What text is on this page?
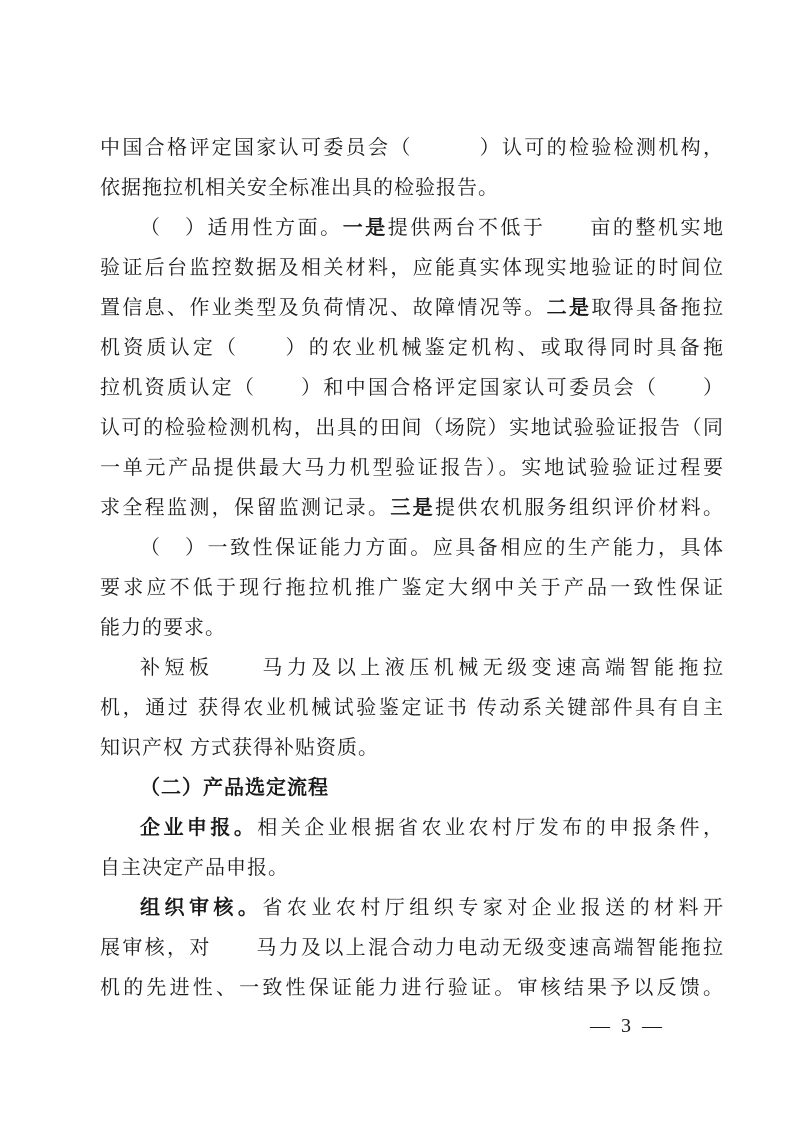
中国合格评定国家认可委员会（　　　）认可的检验检测机构，
依据拖拉机相关安全标准出具的检验报告。
（　）适用性方面。一是提供两台不低于　　亩的整机实地
验证后台监控数据及相关材料，应能真实体现实地验证的时间位
置信息、作业类型及负荷情况、故障情况等。二是取得具备拖拉
机资质认定（　　）的农业机械鉴定机构、或取得同时具备拖
拉机资质认定（　　）和中国合格评定国家认可委员会（　　）
认可的检验检测机构，出具的田间（场院）实地试验验证报告（同
一单元产品提供最大马力机型验证报告）。实地试验验证过程要
求全程监测，保留监测记录。三是提供农机服务组织评价材料。
（　）一致性保证能力方面。应具备相应的生产能力，具体
要求应不低于现行拖拉机推广鉴定大纲中关于产品一致性保证
能力的要求。
补短板　　马力及以上液压机械无级变速高端智能拖拉
机，通过 获得农业机械试验鉴定证书 传动系关键部件具有自主
知识产权 方式获得补贴资质。
（二）产品选定流程
企业申报。相关企业根据省农业农村厅发布的申报条件，
自主决定产品申报。
组织审核。省农业农村厅组织专家对企业报送的材料开
展审核，对　　马力及以上混合动力电动无级变速高端智能拖拉
机的先进性、一致性保证能力进行验证。审核结果予以反馈。
— 3 —
